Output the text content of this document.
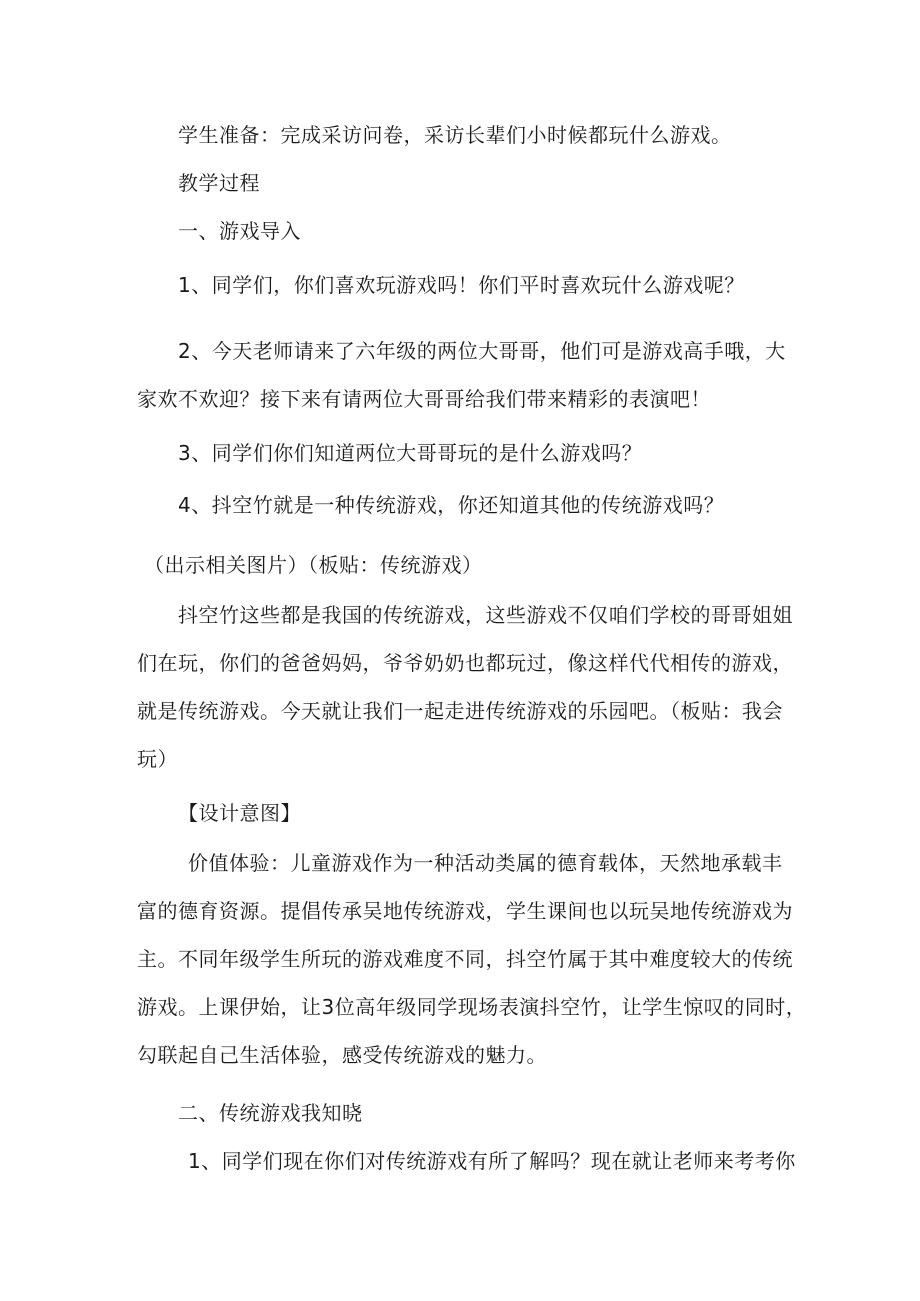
学生准备：完成采访问卷，采访长辈们小时候都玩什么游戏。
教学过程
一、游戏导入
1、同学们，你们喜欢玩游戏吗！你们平时喜欢玩什么游戏呢？
2、今天老师请来了六年级的两位大哥哥，他们可是游戏高手哦，大
家欢不欢迎？接下来有请两位大哥哥给我们带来精彩的表演吧！
3、同学们你们知道两位大哥哥玩的是什么游戏吗？
4、抖空竹就是一种传统游戏，你还知道其他的传统游戏吗？
（出示相关图片）（板贴：传统游戏）
抖空竹这些都是我国的传统游戏，这些游戏不仅咱们学校的哥哥姐姐
们在玩，你们的爸爸妈妈，爷爷奶奶也都玩过，像这样代代相传的游戏，
就是传统游戏。今天就让我们一起走进传统游戏的乐园吧。（板贴：我会
玩）
【设计意图】
价值体验：儿童游戏作为一种活动类属的德育载体，天然地承载丰
富的德育资源。提倡传承吴地传统游戏，学生课间也以玩吴地传统游戏为
主。不同年级学生所玩的游戏难度不同，抖空竹属于其中难度较大的传统
游戏。上课伊始，让3位高年级同学现场表演抖空竹，让学生惊叹的同时，
勾联起自己生活体验，感受传统游戏的魅力。
二、传统游戏我知晓
1、同学们现在你们对传统游戏有所了解吗？现在就让老师来考考你
